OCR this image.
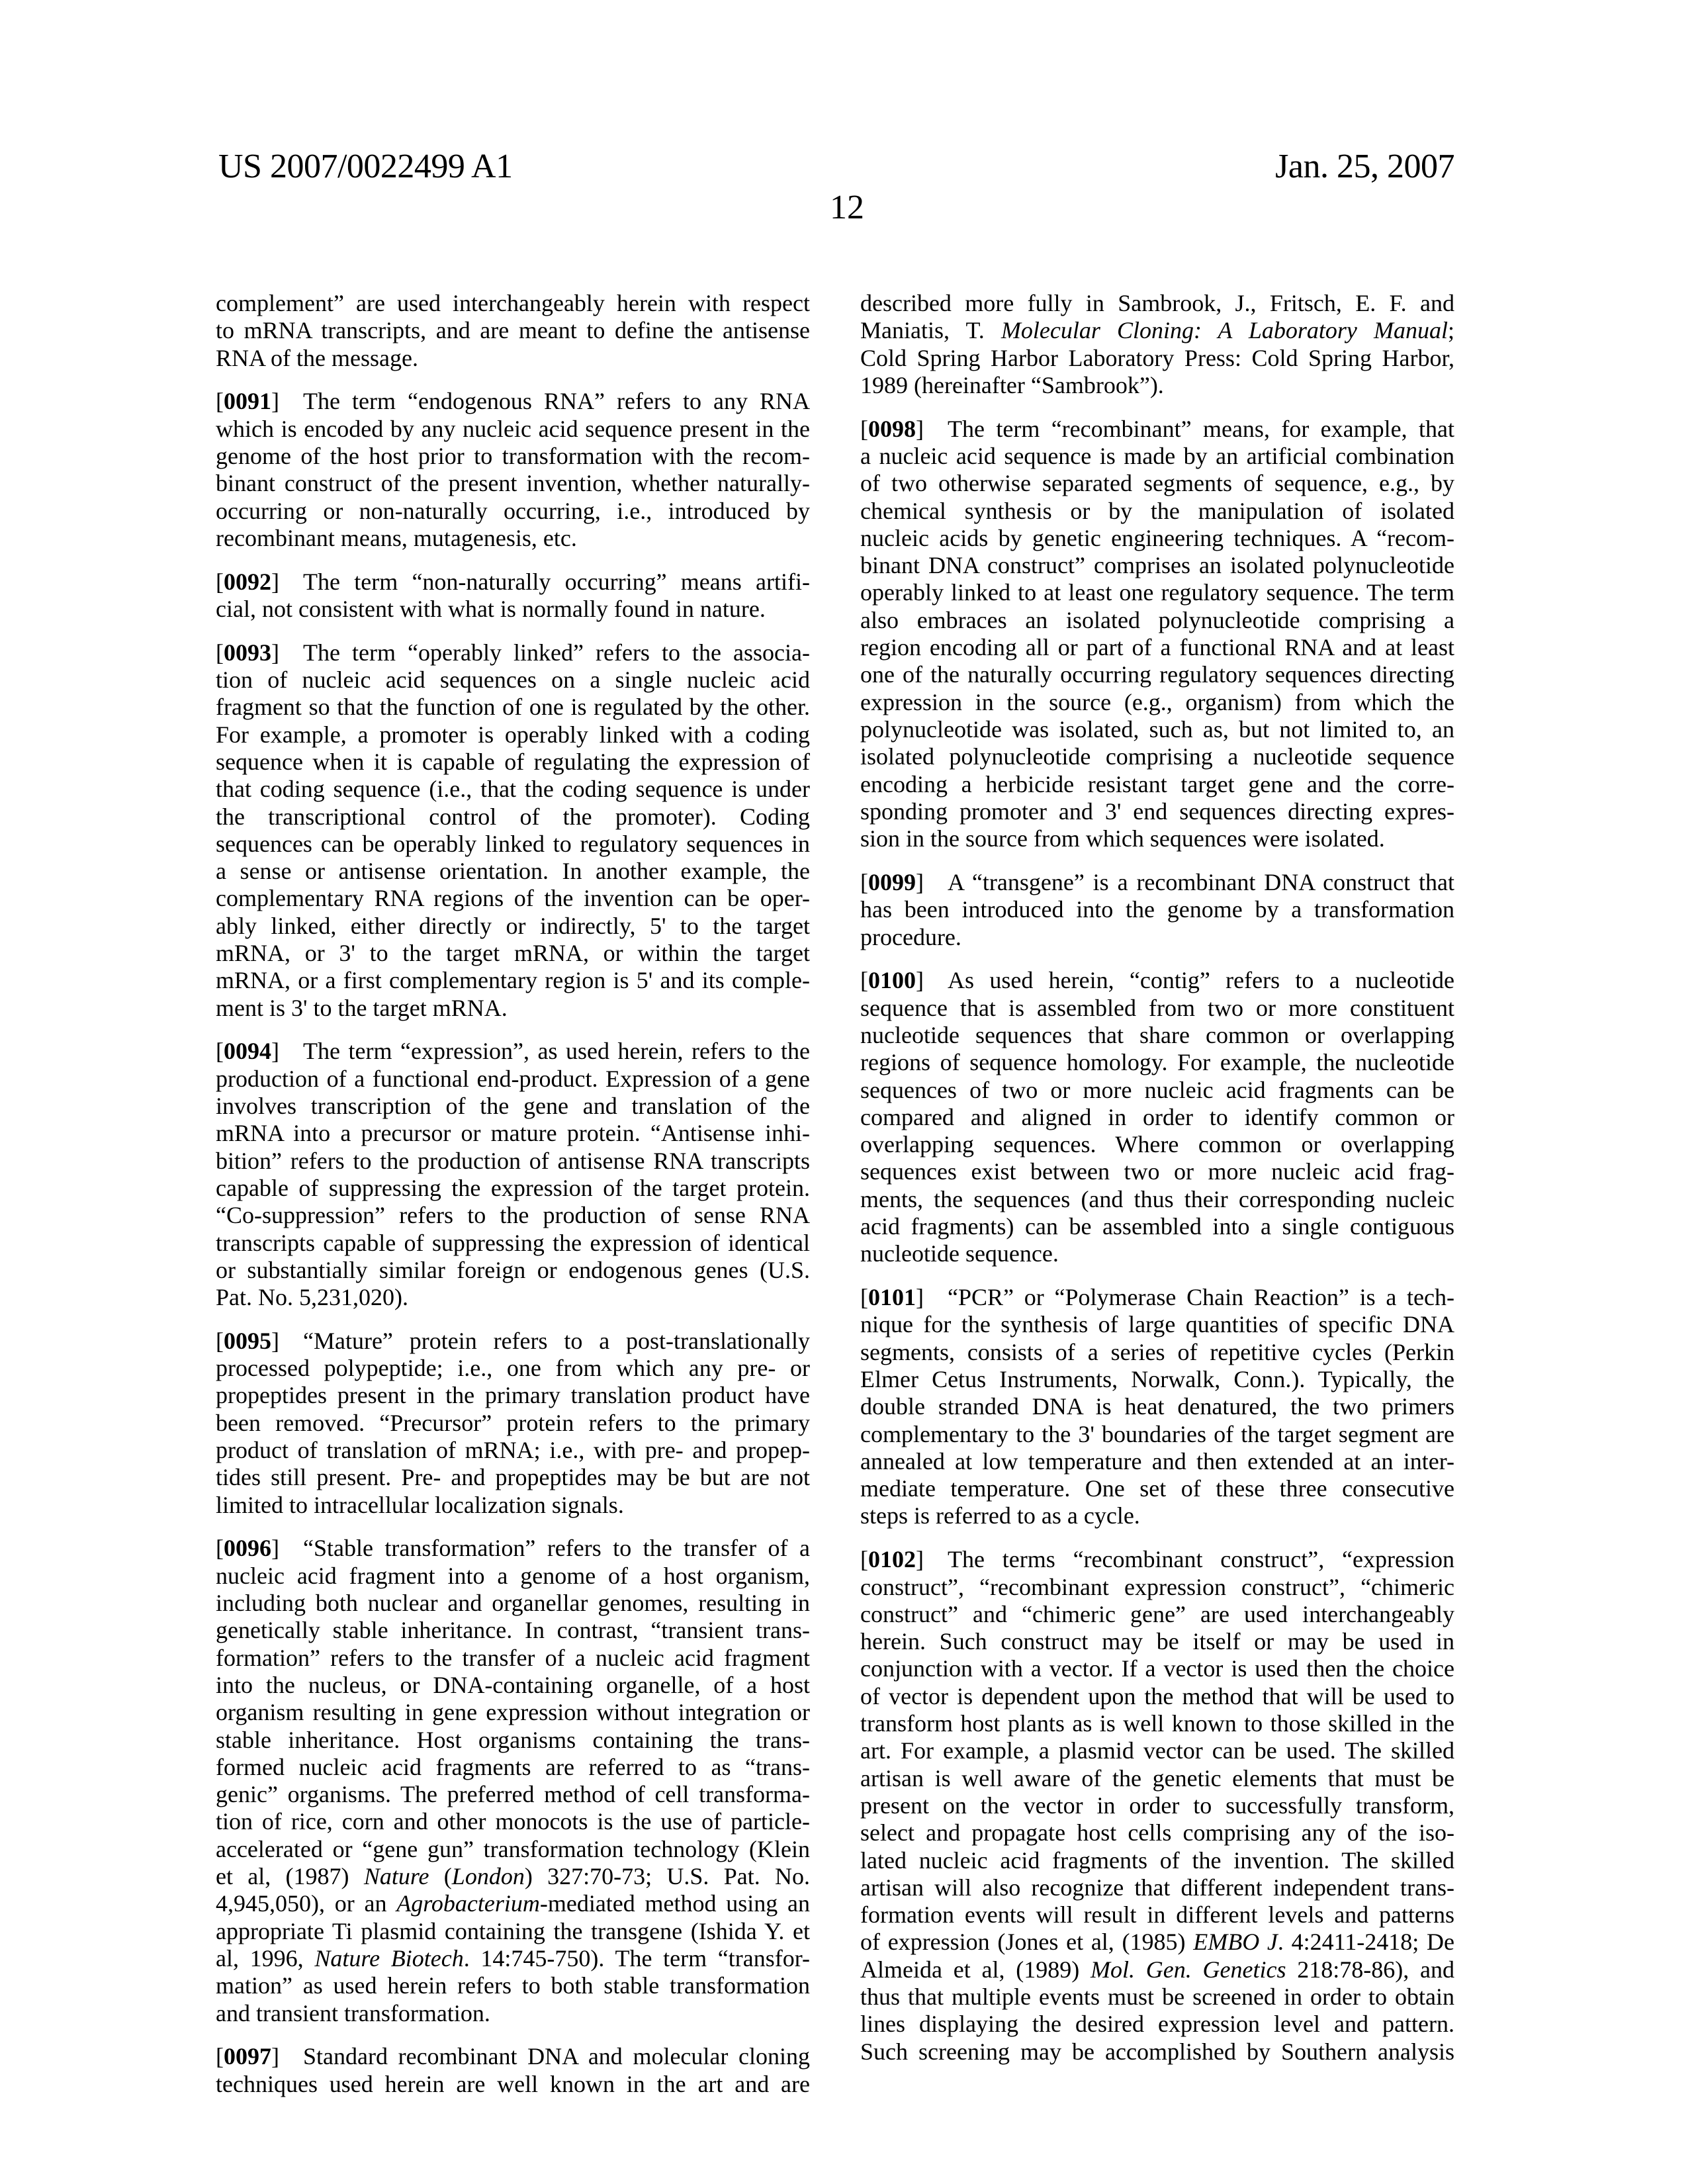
US 2007/0022499 A1	Jan. 25, 2007
12
complement” are used interchangeably herein with respect
to mRNA transcripts, and are meant to define the antisense
RNA of the message.
[0091]  The term “endogenous RNA” refers to any RNA
which is encoded by any nucleic acid sequence present in the
genome of the host prior to transformation with the recom-
binant construct of the present invention, whether naturally-
occurring or non-naturally occurring, i.e., introduced by
recombinant means, mutagenesis, etc.
[0092]  The term “non-naturally occurring” means artifi-
cial, not consistent with what is normally found in nature.
[0093]  The term “operably linked” refers to the associa-
tion of nucleic acid sequences on a single nucleic acid
fragment so that the function of one is regulated by the other.
For example, a promoter is operably linked with a coding
sequence when it is capable of regulating the expression of
that coding sequence (i.e., that the coding sequence is under
the transcriptional control of the promoter). Coding
sequences can be operably linked to regulatory sequences in
a sense or antisense orientation. In another example, the
complementary RNA regions of the invention can be oper-
ably linked, either directly or indirectly, 5' to the target
mRNA, or 3' to the target mRNA, or within the target
mRNA, or a first complementary region is 5' and its comple-
ment is 3' to the target mRNA.
[0094]  The term “expression”, as used herein, refers to the
production of a functional end-product. Expression of a gene
involves transcription of the gene and translation of the
mRNA into a precursor or mature protein. “Antisense inhi-
bition” refers to the production of antisense RNA transcripts
capable of suppressing the expression of the target protein.
“Co-suppression” refers to the production of sense RNA
transcripts capable of suppressing the expression of identical
or substantially similar foreign or endogenous genes (U.S.
Pat. No. 5,231,020).
[0095]  “Mature” protein refers to a post-translationally
processed polypeptide; i.e., one from which any pre- or
propeptides present in the primary translation product have
been removed. “Precursor” protein refers to the primary
product of translation of mRNA; i.e., with pre- and propep-
tides still present. Pre- and propeptides may be but are not
limited to intracellular localization signals.
[0096]  “Stable transformation” refers to the transfer of a
nucleic acid fragment into a genome of a host organism,
including both nuclear and organellar genomes, resulting in
genetically stable inheritance. In contrast, “transient trans-
formation” refers to the transfer of a nucleic acid fragment
into the nucleus, or DNA-containing organelle, of a host
organism resulting in gene expression without integration or
stable inheritance. Host organisms containing the trans-
formed nucleic acid fragments are referred to as “trans-
genic” organisms. The preferred method of cell transforma-
tion of rice, corn and other monocots is the use of particle-
accelerated or “gene gun” transformation technology (Klein
et al, (1987) Nature (London) 327:70-73; U.S. Pat. No.
4,945,050), or an Agrobacterium-mediated method using an
appropriate Ti plasmid containing the transgene (Ishida Y. et
al, 1996, Nature Biotech. 14:745-750). The term “transfor-
mation” as used herein refers to both stable transformation
and transient transformation.
[0097]  Standard recombinant DNA and molecular cloning
techniques used herein are well known in the art and are
described more fully in Sambrook, J., Fritsch, E. F. and
Maniatis, T. Molecular Cloning: A Laboratory Manual;
Cold Spring Harbor Laboratory Press: Cold Spring Harbor,
1989 (hereinafter “Sambrook”).
[0098]  The term “recombinant” means, for example, that
a nucleic acid sequence is made by an artificial combination
of two otherwise separated segments of sequence, e.g., by
chemical synthesis or by the manipulation of isolated
nucleic acids by genetic engineering techniques. A “recom-
binant DNA construct” comprises an isolated polynucleotide
operably linked to at least one regulatory sequence. The term
also embraces an isolated polynucleotide comprising a
region encoding all or part of a functional RNA and at least
one of the naturally occurring regulatory sequences directing
expression in the source (e.g., organism) from which the
polynucleotide was isolated, such as, but not limited to, an
isolated polynucleotide comprising a nucleotide sequence
encoding a herbicide resistant target gene and the corre-
sponding promoter and 3' end sequences directing expres-
sion in the source from which sequences were isolated.
[0099]  A “transgene” is a recombinant DNA construct that
has been introduced into the genome by a transformation
procedure.
[0100]  As used herein, “contig” refers to a nucleotide
sequence that is assembled from two or more constituent
nucleotide sequences that share common or overlapping
regions of sequence homology. For example, the nucleotide
sequences of two or more nucleic acid fragments can be
compared and aligned in order to identify common or
overlapping sequences. Where common or overlapping
sequences exist between two or more nucleic acid frag-
ments, the sequences (and thus their corresponding nucleic
acid fragments) can be assembled into a single contiguous
nucleotide sequence.
[0101]  “PCR” or “Polymerase Chain Reaction” is a tech-
nique for the synthesis of large quantities of specific DNA
segments, consists of a series of repetitive cycles (Perkin
Elmer Cetus Instruments, Norwalk, Conn.). Typically, the
double stranded DNA is heat denatured, the two primers
complementary to the 3' boundaries of the target segment are
annealed at low temperature and then extended at an inter-
mediate temperature. One set of these three consecutive
steps is referred to as a cycle.
[0102]  The terms “recombinant construct”, “expression
construct”, “recombinant expression construct”, “chimeric
construct” and “chimeric gene” are used interchangeably
herein. Such construct may be itself or may be used in
conjunction with a vector. If a vector is used then the choice
of vector is dependent upon the method that will be used to
transform host plants as is well known to those skilled in the
art. For example, a plasmid vector can be used. The skilled
artisan is well aware of the genetic elements that must be
present on the vector in order to successfully transform,
select and propagate host cells comprising any of the iso-
lated nucleic acid fragments of the invention. The skilled
artisan will also recognize that different independent trans-
formation events will result in different levels and patterns
of expression (Jones et al, (1985) EMBO J. 4:2411-2418; De
Almeida et al, (1989) Mol. Gen. Genetics 218:78-86), and
thus that multiple events must be screened in order to obtain
lines displaying the desired expression level and pattern.
Such screening may be accomplished by Southern analysis
